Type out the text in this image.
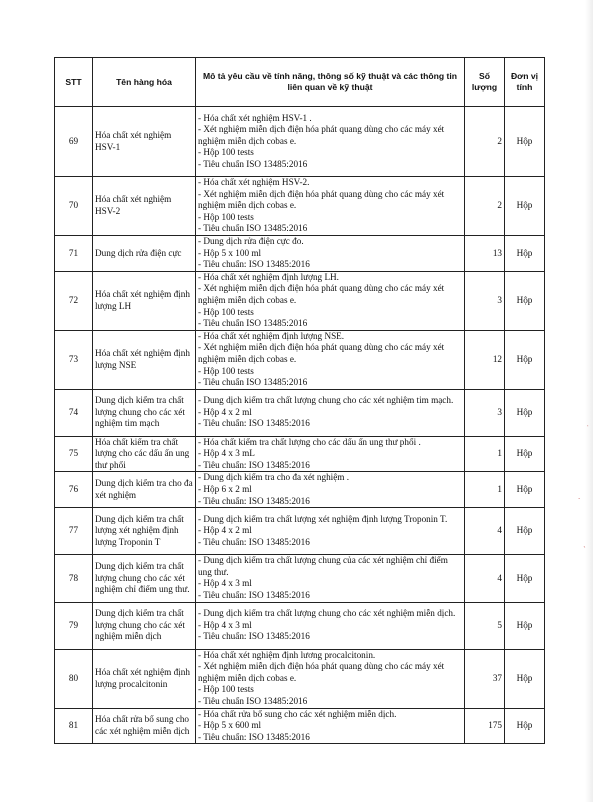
STT	Tên hàng hóa	Mô tả yêu cầu về tính năng, thông số kỹ thuật và các thông tin liên quan về kỹ thuật	Số lượng	Đơn vị tính
69	Hóa chất xét nghiệm HSV-1	- Hóa chất xét nghiệm HSV-1 .
- Xét nghiệm miễn dịch điện hóa phát quang dùng cho các máy xét nghiệm miễn dịch cobas e.
- Hộp 100 tests
- Tiêu chuẩn ISO 13485:2016	2	Hộp
70	Hóa chất xét nghiệm HSV-2	- Hóa chất xét nghiệm HSV-2.
- Xét nghiệm miễn dịch điện hóa phát quang dùng cho các máy xét nghiệm miễn dịch cobas e.
- Hộp 100 tests
- Tiêu chuẩn ISO 13485:2016	2	Hộp
71	Dung dịch rửa điện cực	- Dung dịch rửa điện cực đo.
- Hộp 5 x 100 ml
- Tiêu chuẩn: ISO 13485:2016	13	Hộp
72	Hóa chất xét nghiệm định lượng LH	- Hóa chất xét nghiệm định lượng LH.
- Xét nghiệm miễn dịch điện hóa phát quang dùng cho các máy xét nghiệm miễn dịch cobas e.
- Hộp 100 tests
- Tiêu chuẩn ISO 13485:2016	3	Hộp
73	Hóa chất xét nghiệm định lượng NSE	- Hóa chất xét nghiệm định lượng NSE.
- Xét nghiệm miễn dịch điện hóa phát quang dùng cho các máy xét nghiệm miễn dịch cobas e.
- Hộp 100 tests
- Tiêu chuẩn ISO 13485:2016	12	Hộp
74	Dung dịch kiểm tra chất lượng chung cho các xét nghiệm tim mạch	- Dung dịch kiểm tra chất lượng chung cho các xét nghiệm tim mạch.
- Hộp 4 x 2 ml
- Tiêu chuẩn: ISO 13485:2016	3	Hộp
75	Hóa chất kiểm tra chất lượng cho các dấu ấn ung thư phổi	- Hóa chất kiểm tra chất lượng cho các dấu ấn ung thư phổi .
- Hộp 4 x 3 mL
- Tiêu chuẩn: ISO 13485:2016	1	Hộp
76	Dung dịch kiểm tra cho đa xét nghiệm	- Dung dịch kiểm tra cho đa xét nghiệm .
- Hộp 6 x 2 ml
- Tiêu chuẩn: ISO 13485:2016	1	Hộp
77	Dung dịch kiểm tra chất lượng xét nghiệm định lượng Troponin T	- Dung dịch kiểm tra chất lượng xét nghiệm định lượng Troponin T.
- Hộp 4 x 2 ml
- Tiêu chuẩn: ISO 13485:2016	4	Hộp
78	Dung dịch kiểm tra chất lượng chung cho các xét nghiệm chỉ điểm ung thư.	- Dung dịch kiểm tra chất lượng chung của các xét nghiệm chỉ điểm ung thư.
- Hộp 4 x 3 ml
- Tiêu chuẩn: ISO 13485:2016	4	Hộp
79	Dung dịch kiểm tra chất lượng chung cho các xét nghiệm miễn dịch	- Dung dịch kiểm tra chất lượng chung cho các xét nghiệm miễn dịch.
- Hộp 4 x 3 ml
- Tiêu chuẩn: ISO 13485:2016	5	Hộp
80	Hóa chất xét nghiệm định lượng procalcitonin	- Hóa chất xét nghiệm định lương procalcitonin.
- Xét nghiệm miễn dịch điện hóa phát quang dùng cho các máy xét nghiệm miễn dịch cobas e.
- Hộp 100 tests
- Tiêu chuẩn ISO 13485:2016	37	Hộp
81	Hóa chất rửa bổ sung cho các xét nghiệm miễn dịch	- Hóa chất rửa bổ sung cho các xét nghiệm miễn dịch.
- Hộp 5 x 600 ml
- Tiêu chuẩn: ISO 13485:2016	175	Hộp
˙
·
ˎ
